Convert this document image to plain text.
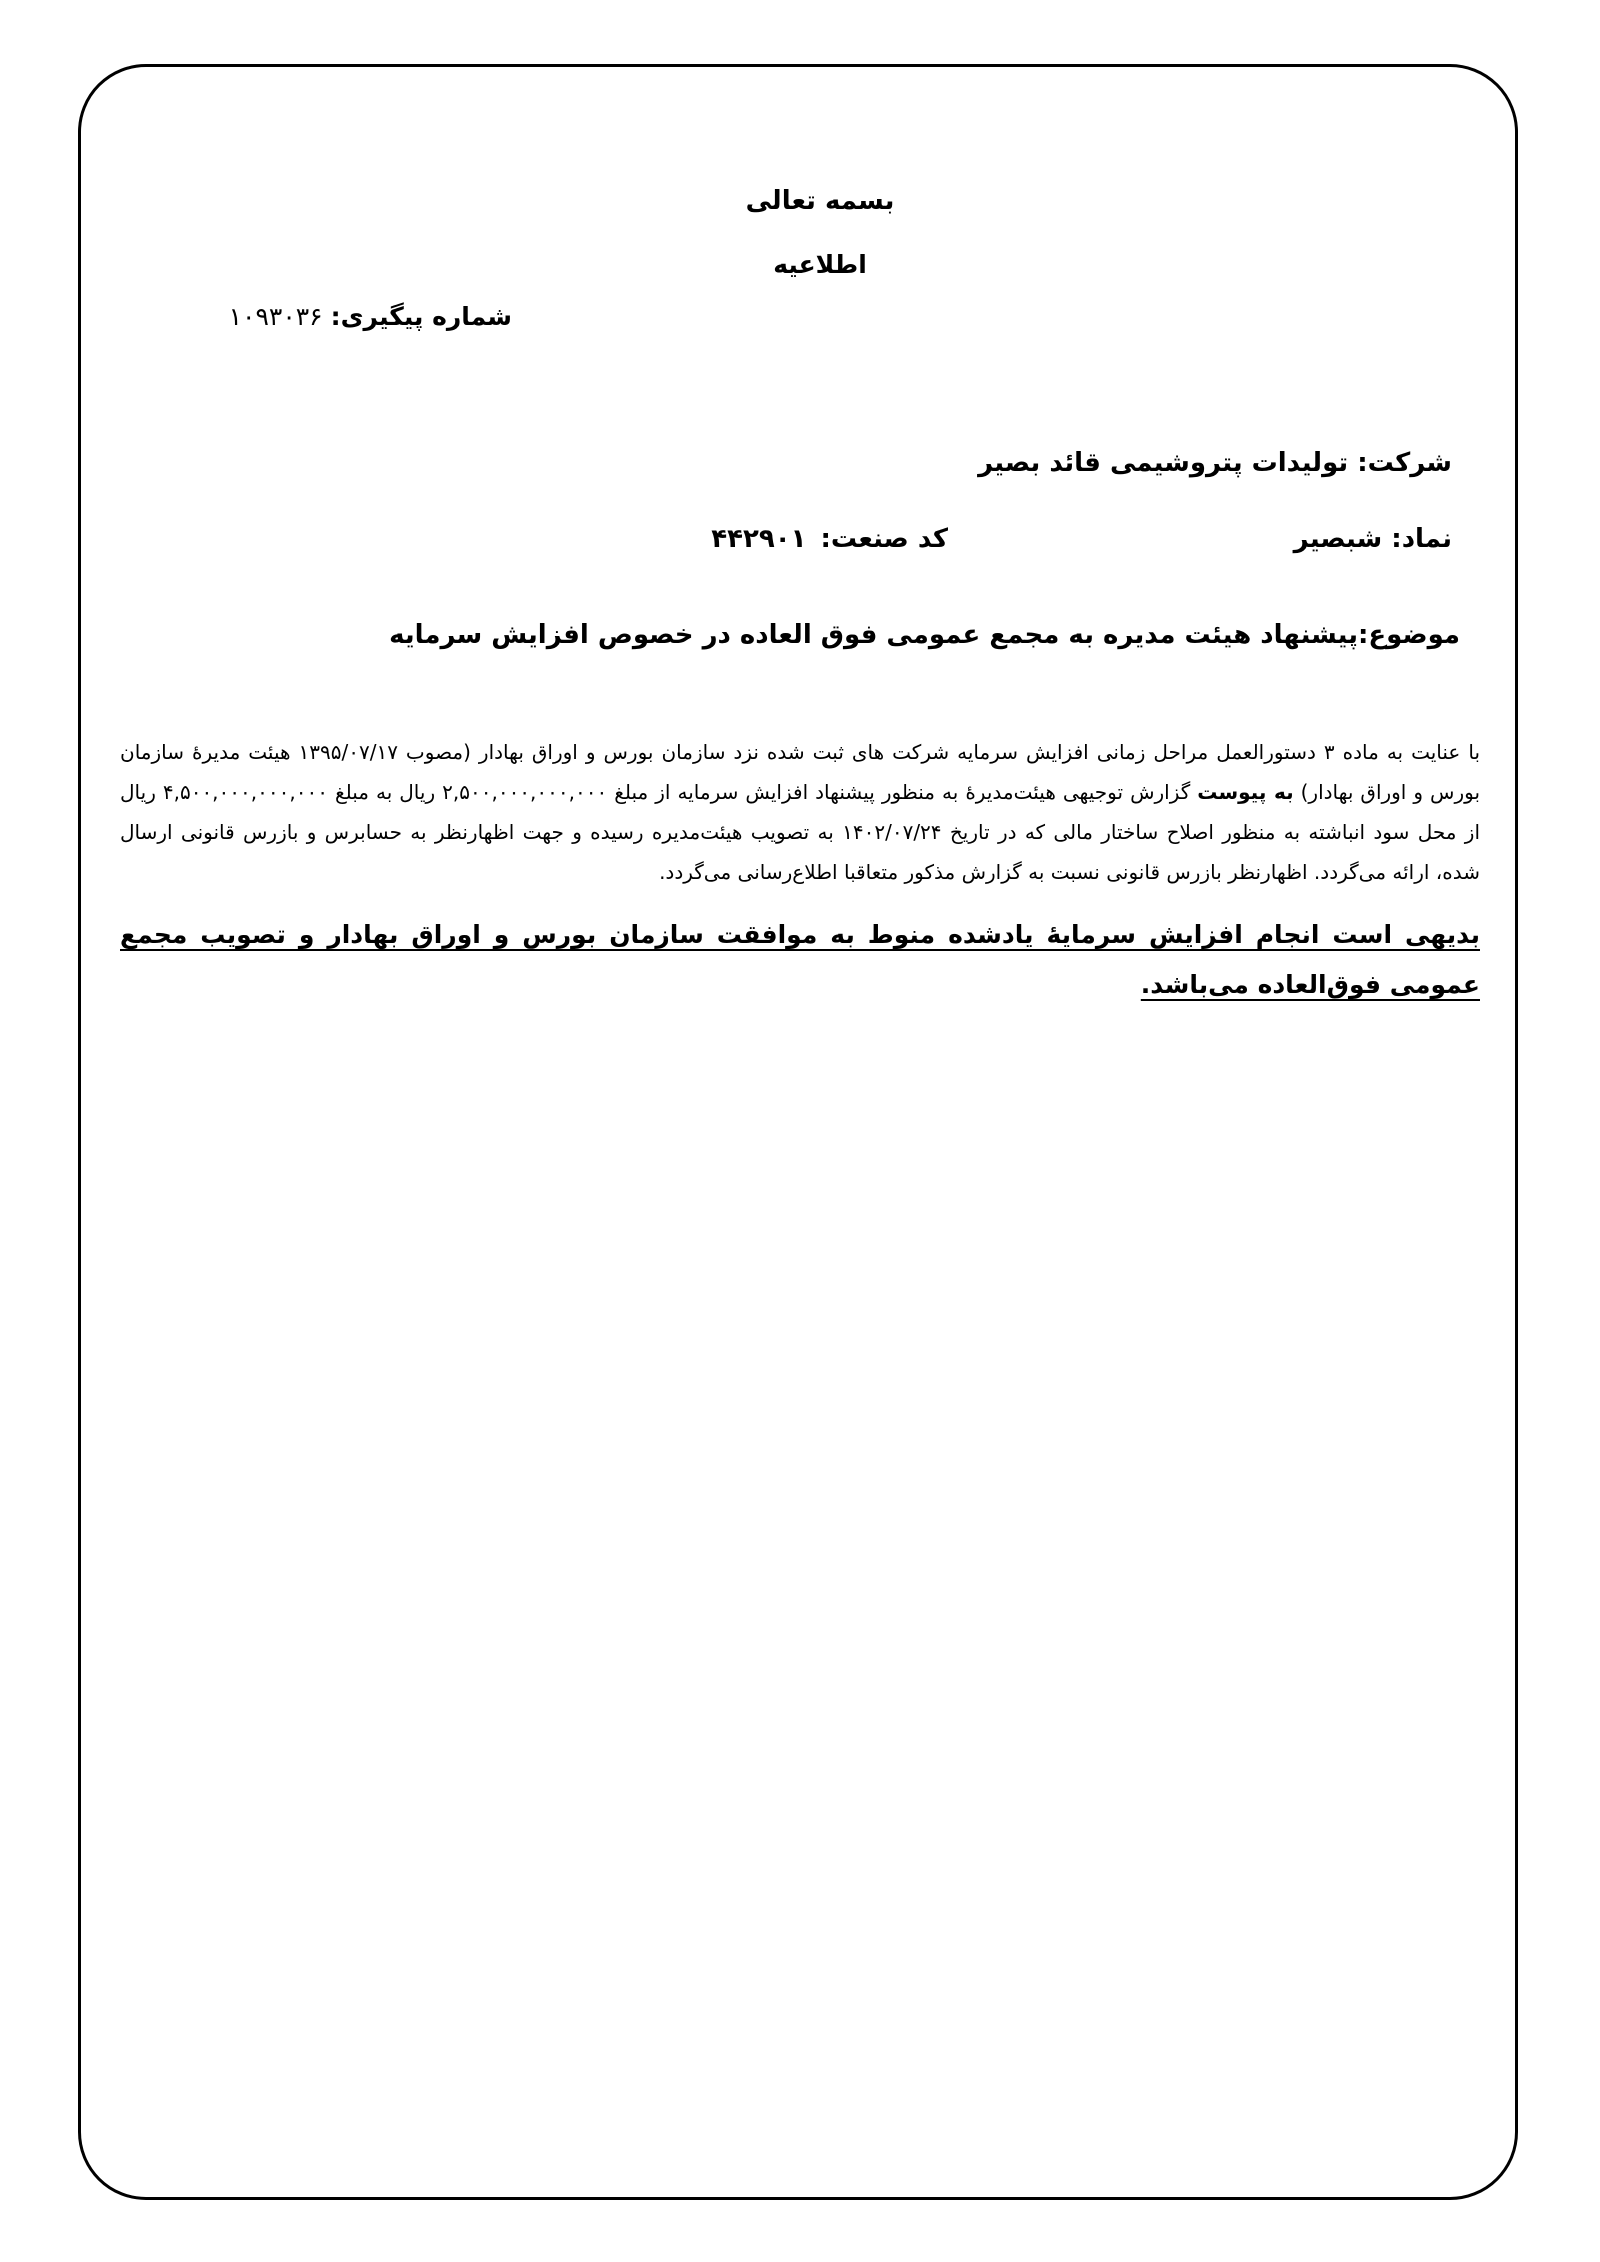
بسمه تعالی
اطلاعیه
شماره پیگیری:۱۰۹۳۰۳۶
شرکت: تولیدات پتروشیمی قائد بصیر
نماد: شبصیر
کد صنعت:۴۴۲۹۰۱
موضوع:پیشنهاد هیئت مدیره به مجمع عمومی فوق العاده در خصوص افزایش سرمایه
با عنایت به ماده ۳ دستورالعمل مراحل زمانی افزایش سرمایه شرکت های ثبت شده نزد سازمان بورس و اوراق بهادار (مصوب ۱۳۹۵/۰۷/۱۷ هیئت مدیرۀ سازمان بورس و اوراق بهادار) به پیوست گزارش توجیهی هیئت‌مدیرۀ به منظور پیشنهاد افزایش سرمایه از مبلغ ۲,۵۰۰,۰۰۰,۰۰۰,۰۰۰ ریال به مبلغ ۴,۵۰۰,۰۰۰,۰۰۰,۰۰۰ ریال از محل سود انباشته به منظور اصلاح ساختار مالی که در تاریخ ۱۴۰۲/۰۷/۲۴ به تصویب هیئت‌مدیره رسیده و جهت اظهارنظر به حسابرس و بازرس قانونی ارسال شده، ارائه می‌گردد. اظهارنظر بازرس قانونی نسبت به گزارش مذکور متعاقبا اطلاع‌رسانی می‌گردد.
بدیهی است انجام افزایش سرمایۀ یادشده منوط به موافقت سازمان بورس و اوراق بهادار و تصویب مجمع عمومی فوق‌العاده می‌باشد.
